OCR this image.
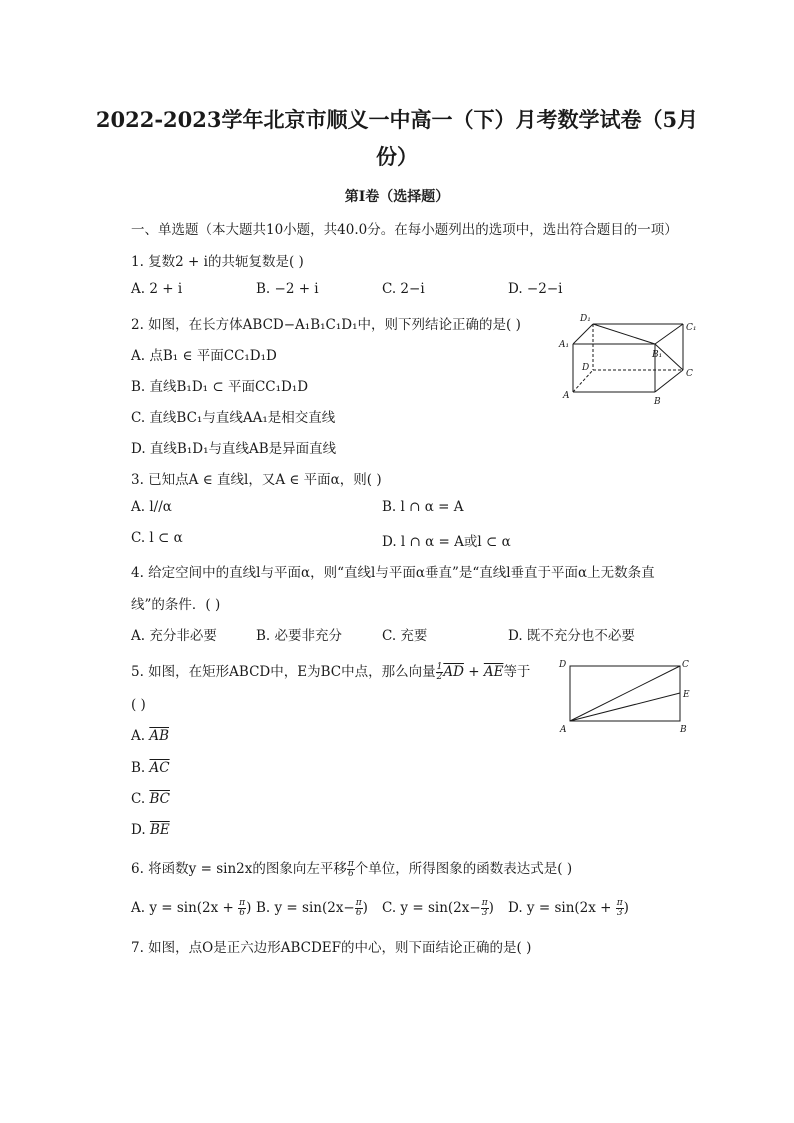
2022-2023学年北京市顺义一中高一（下）月考数学试卷（5月
份）
第I卷（选择题）
一、单选题（本大题共10小题，共40.0分。在每小题列出的选项中，选出符合题目的一项）
1. 复数2 + i的共轭复数是( )
A. 2 + i	B. −2 + i	C. 2−i	D. −2−i
2. 如图，在长方体ABCD−A₁B₁C₁D₁中，则下列结论正确的是( )
A. 点B₁ ∈ 平面CC₁D₁D
B. 直线B₁D₁ ⊂ 平面CC₁D₁D
C. 直线BC₁与直线AA₁是相交直线
D. 直线B₁D₁与直线AB是异面直线
D₁
C₁
A₁
B₁
D
C
A
B
3. 已知点A ∈ 直线l，又A ∈ 平面α，则( )
A. l//α	B. l ∩ α = A
C. l ⊂ α	D. l ∩ α = A或l ⊂ α
4. 给定空间中的直线l与平面α，则“直线l与平面α垂直”是“直线l垂直于平面α上无数条直
线”的条件．( )
A. 充分非必要	B. 必要非充分	C. 充要	D. 既不充分也不必要
5. 如图，在矩形ABCD中，E为BC中点，那么向量 $\frac{1}{2} \overline{AD} + \overline{AE}$等于
( )
A. $\overline{AB}$
B. $\overline{AC}$
C. $\overline{BC}$
D. $\overline{BE}$
D	C
E
A	B
6. 将函数y = sin2x的图象向左平移 $\frac{\pi}{6}$ 个单位，所得图象的函数表达式是( )
A. $y = \sin(2x + \frac{\pi}{6}$ ) B. $y = \sin(2x- \frac{\pi}{6}$ ) C. $y = \sin(2x- \frac{\pi}{3}$ ) D. $y = \sin(2x + \frac{\pi}{3}$ )
7. 如图，点O是正六边形ABCDEF的中心，则下面结论正确的是( )
